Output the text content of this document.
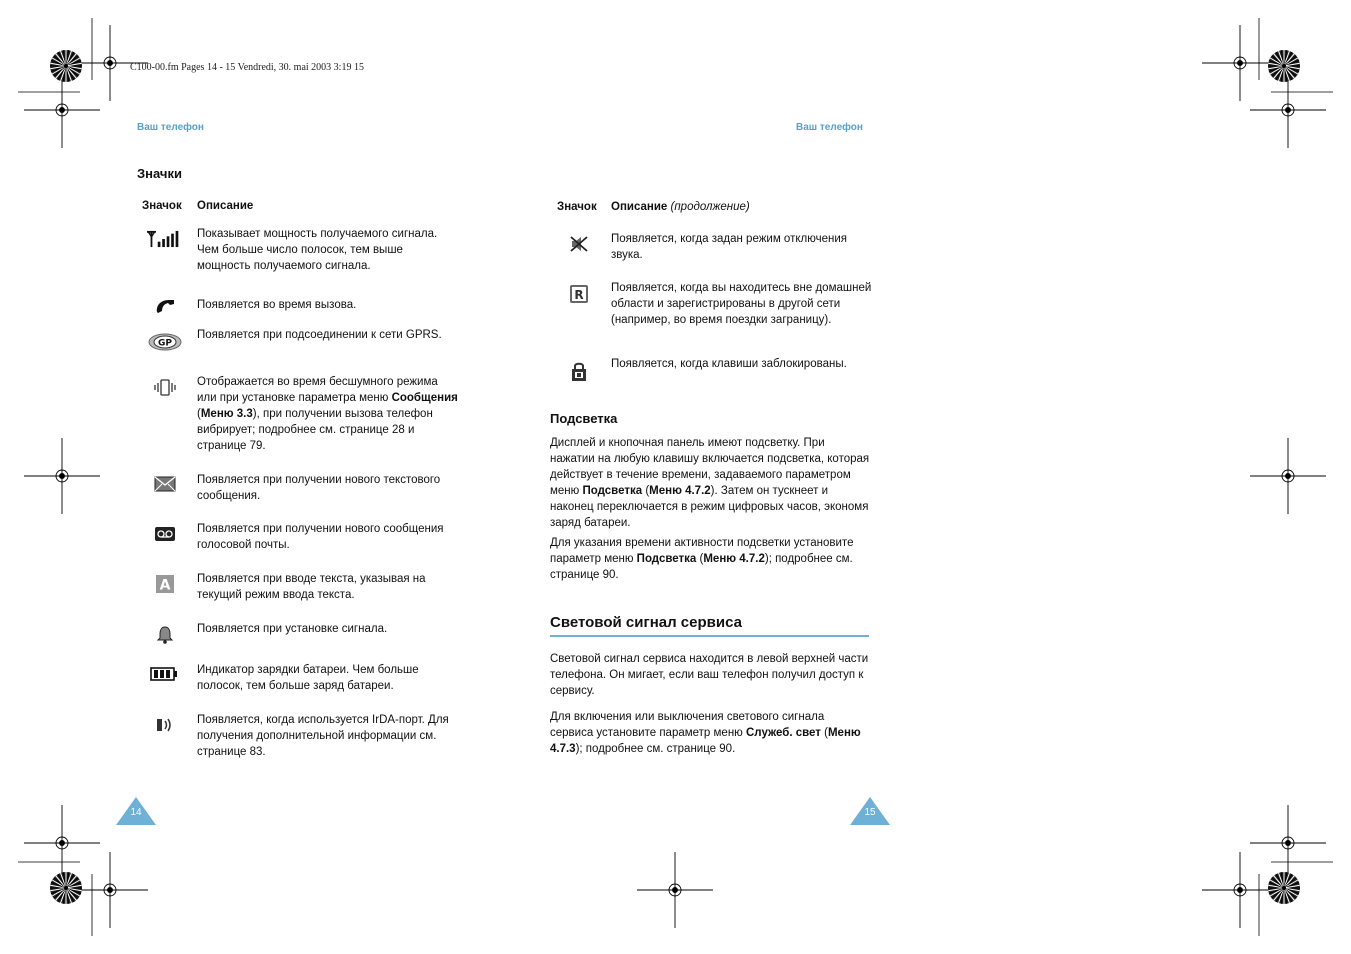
C100-00.fm Pages 14 - 15 Vendredi, 30. mai 2003 3:19 15
Ваш телефон
Значки
Значок Описание
Показывает мощность получаемого сигнала. Чем больше число полосок, тем выше мощность получаемого сигнала.
Появляется во время вызова.
GP
Появляется при подсоединении к сети GPRS.
Отображается во время бесшумного режима или при установке параметра меню Сообщения (Меню 3.3), при получении вызова телефон вибрирует; подробнее см. странице 28 и странице 79.
Появляется при получении нового текстового сообщения.
Появляется при получении нового сообщения голосовой почты.
A Появляется при вводе текста, указывая на текущий режим ввода текста.
Появляется при установке сигнала.
Индикатор зарядки батареи. Чем больше полосок, тем больше заряд батареи.
Появляется, когда используется IrDA-порт. Для получения дополнительной информации см. странице 83.
14
Ваш телефон
Значок Описание (продолжение)
Появляется, когда задан режим отключения звука.
R Появляется, когда вы находитесь вне домашней области и зарегистрированы в другой сети (например, во время поездки заграницу).
Появляется, когда клавиши заблокированы.
Подсветка
Дисплей и кнопочная панель имеют подсветку. При нажатии на любую клавишу включается подсветка, которая действует в течение времени, задаваемого параметром меню Подсветка (Меню 4.7.2). Затем он тускнеет и наконец переключается в режим цифровых часов, экономя заряд батареи.
Для указания времени активности подсветки установите параметр меню Подсветка (Меню 4.7.2); подробнее см. странице 90.
Световой сигнал сервиса
Световой сигнал сервиса находится в левой верхней части телефона. Он мигает, если ваш телефон получил доступ к сервису.
Для включения или выключения светового сигнала сервиса установите параметр меню Служеб. свет (Меню 4.7.3); подробнее см. странице 90.
15
